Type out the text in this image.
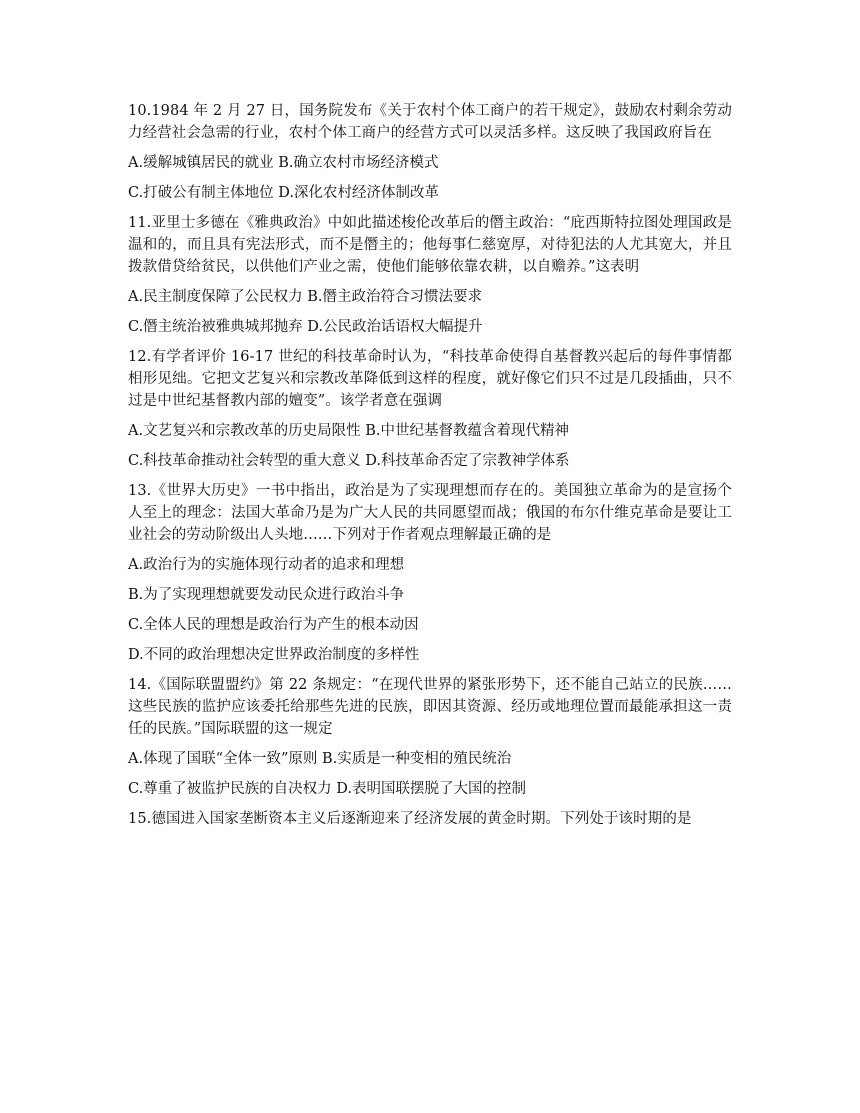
10.1984 年 2 月 27 日，国务院发布《关于农村个体工商户的若干规定》，鼓励农村剩余劳动力经营社会急需的行业，农村个体工商户的经营方式可以灵活多样。这反映了我国政府旨在

A.缓解城镇居民的就业 B.确立农村市场经济模式

C.打破公有制主体地位 D.深化农村经济体制改革

11.亚里士多德在《雅典政治》中如此描述梭伦改革后的僭主政治：“庇西斯特拉图处理国政是温和的，而且具有宪法形式，而不是僭主的；他每事仁慈宽厚，对待犯法的人尤其宽大，并且拨款借贷给贫民，以供他们产业之需，使他们能够依靠农耕，以自赡养。”这表明

A.民主制度保障了公民权力 B.僭主政治符合习惯法要求

C.僭主统治被雅典城邦抛弃 D.公民政治话语权大幅提升

12.有学者评价 16-17 世纪的科技革命时认为，“科技革命使得自基督教兴起后的每件事情都相形见绌。它把文艺复兴和宗教改革降低到这样的程度，就好像它们只不过是几段插曲，只不过是中世纪基督教内部的嬗变”。该学者意在强调

A.文艺复兴和宗教改革的历史局限性 B.中世纪基督教蕴含着现代精神

C.科技革命推动社会转型的重大意义 D.科技革命否定了宗教神学体系

13.《世界大历史》一书中指出，政治是为了实现理想而存在的。美国独立革命为的是宣扬个人至上的理念：法国大革命乃是为广大人民的共同愿望而战；俄国的布尔什维克革命是要让工业社会的劳动阶级出人头地……下列对于作者观点理解最正确的是

A.政治行为的实施体现行动者的追求和理想

B.为了实现理想就要发动民众进行政治斗争

C.全体人民的理想是政治行为产生的根本动因

D.不同的政治理想决定世界政治制度的多样性

14.《国际联盟盟约》第 22 条规定：“在现代世界的紧张形势下，还不能自己站立的民族……这些民族的监护应该委托给那些先进的民族，即因其资源、经历或地理位置而最能承担这一责任的民族。”国际联盟的这一规定

A.体现了国联“全体一致”原则 B.实质是一种变相的殖民统治

C.尊重了被监护民族的自决权力 D.表明国联摆脱了大国的控制

15.德国进入国家垄断资本主义后逐渐迎来了经济发展的黄金时期。下列处于该时期的是
